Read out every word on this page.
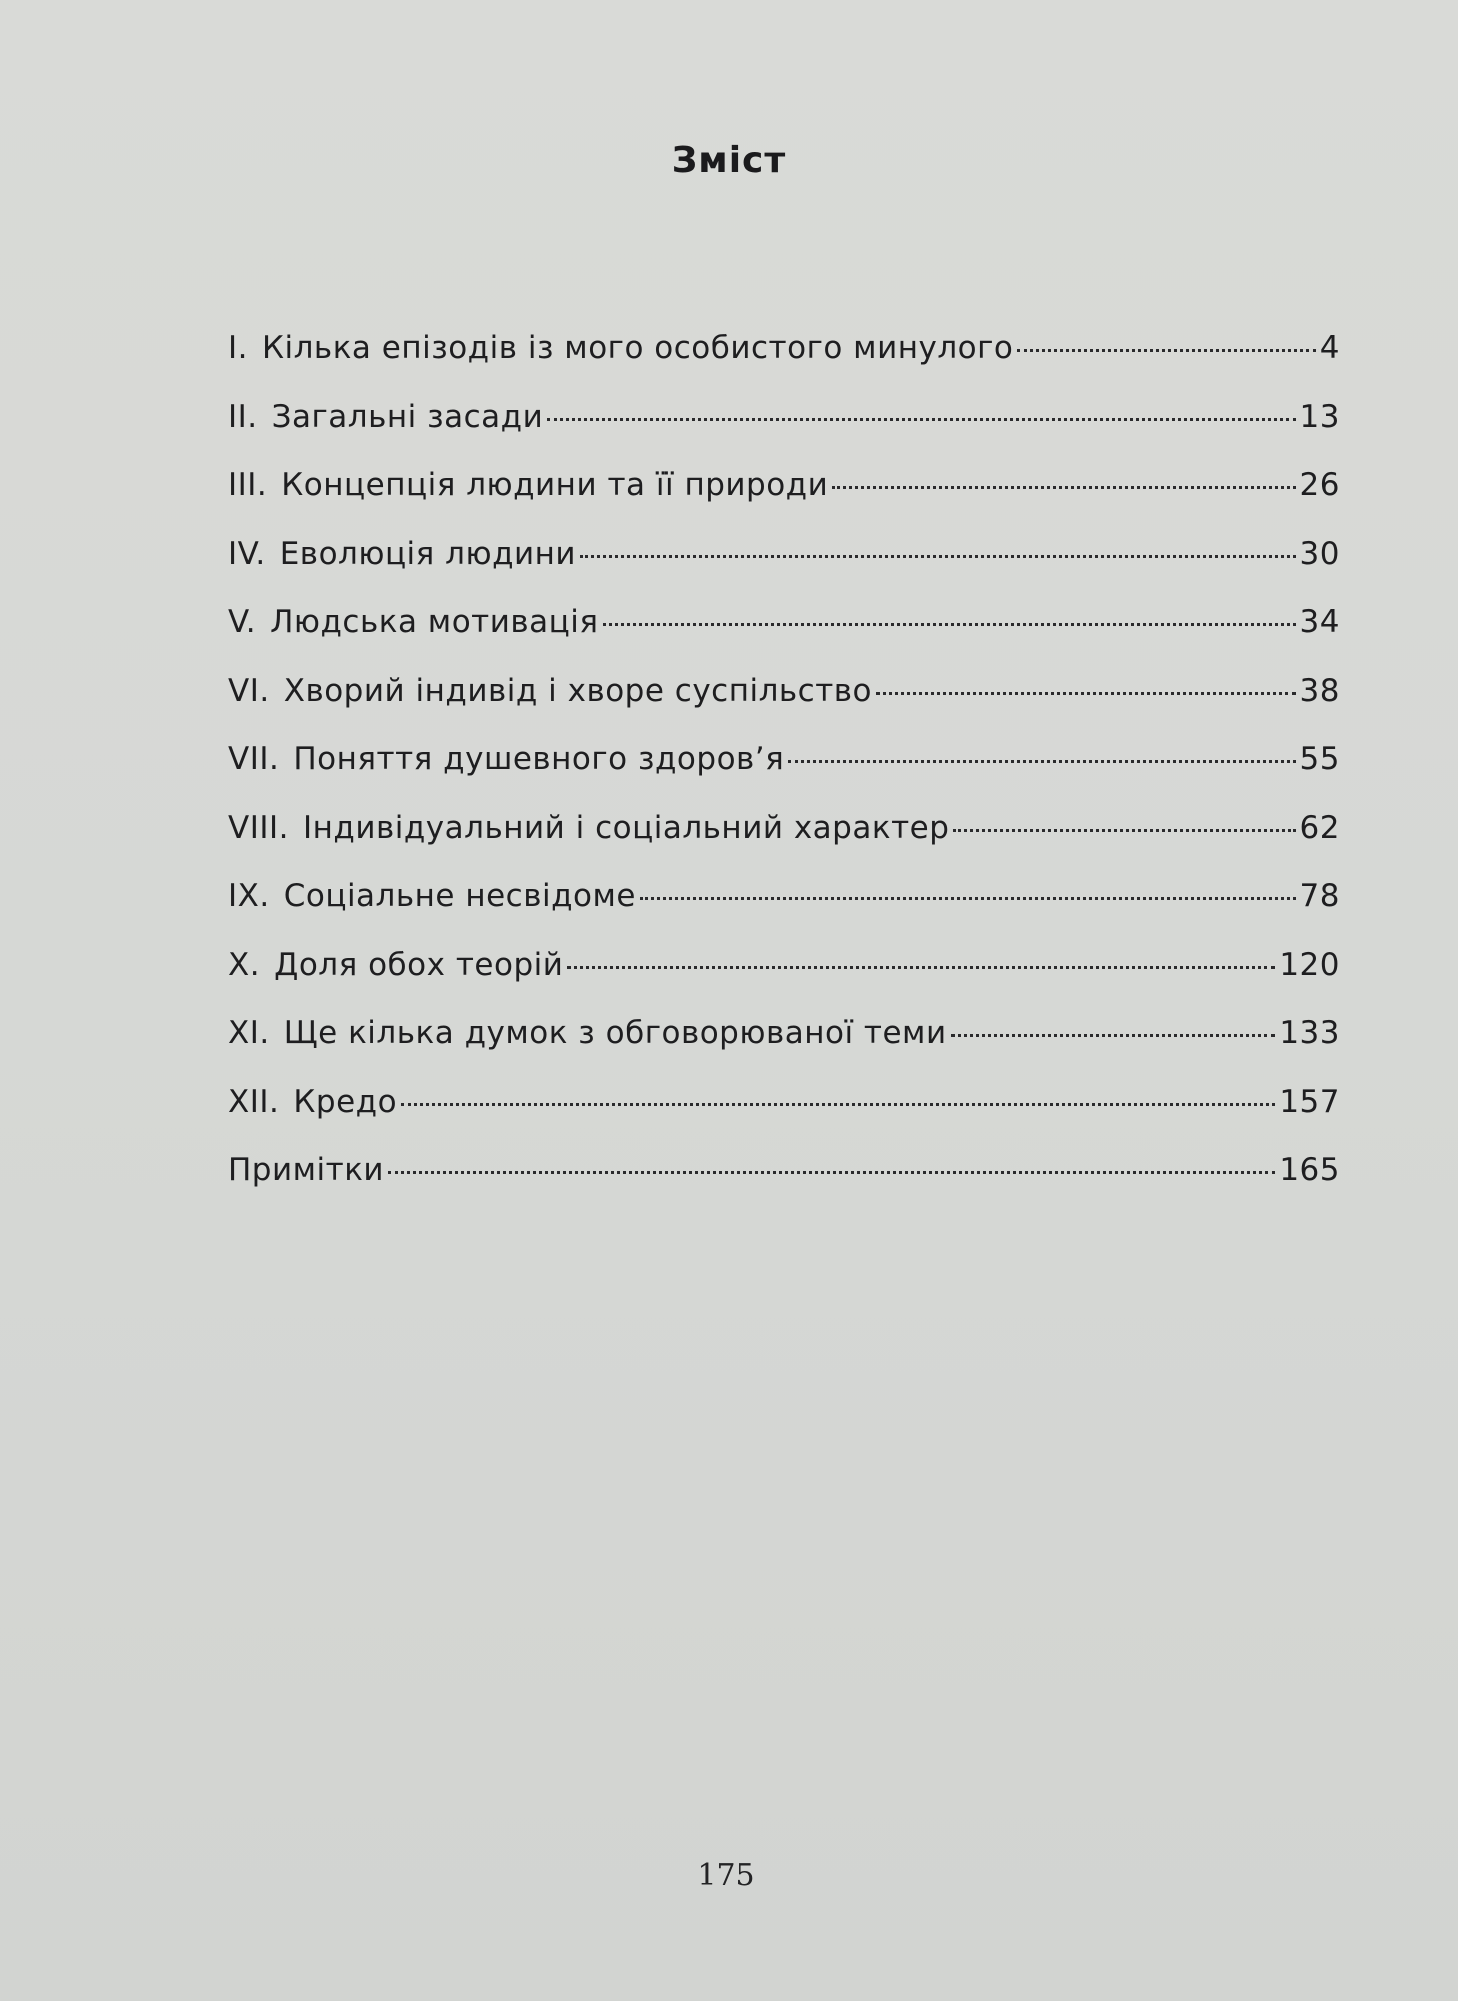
Зміст
I. Кілька епізодів із мого особистого минулого	4
II. Загальні засади	13
III. Концепція людини та її природи	26
IV. Еволюція людини	30
V. Людська мотивація	34
VI. Хворий індивід і хворе суспільство	38
VII. Поняття душевного здоров’я	55
VIII. Індивідуальний і соціальний характер	62
IX. Соціальне несвідоме	78
X. Доля обох теорій	120
XI. Ще кілька думок з обговорюваної теми	133
XII. Кредо	157
Примітки	165
175
